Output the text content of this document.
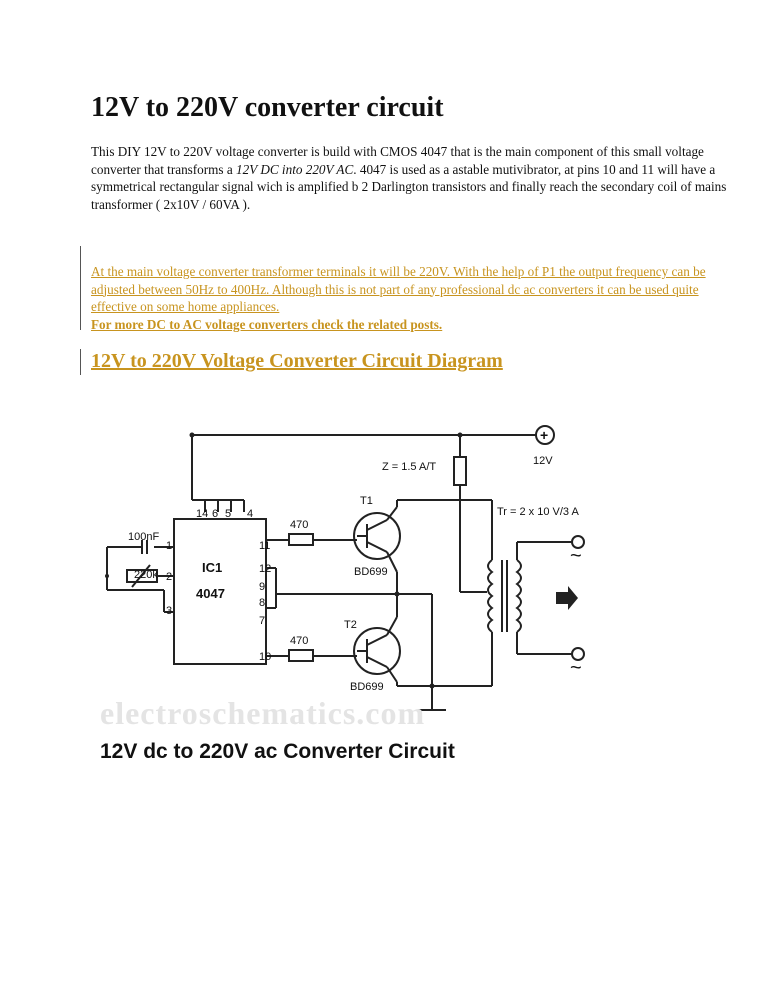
12V to 220V converter circuit

This DIY 12V to 220V voltage converter is build with CMOS 4047 that is the main component of this small voltage converter that transforms a 12V DC into 220V AC. 4047 is used as a astable mutivibrator, at pins 10 and 11 will have a symmetrical rectangular signal wich is amplified b 2 Darlington transistors and finally reach the secondary coil of mains transformer ( 2x10V / 60VA ).

At the main voltage converter transformer terminals it will be 220V. With the help of P1 the output frequency can be adjusted between 50Hz to 400Hz. Although this is not part of any professional dc ac converters it can be used quite effective on some home appliances.
For more DC to AC voltage converters check the related posts.

12V to 220V Voltage Converter Circuit Diagram
IC1
4047
14 6 5 4
1
2
3
11
12
9
8
7
10
100nF
220k
470
470
T1
BD699
T2
BD699
Z = 1.5 A/T	12V
Tr = 2 x 10 V/3 A
+
~
~
electroschematics.com
12V dc to 220V ac Converter Circuit
